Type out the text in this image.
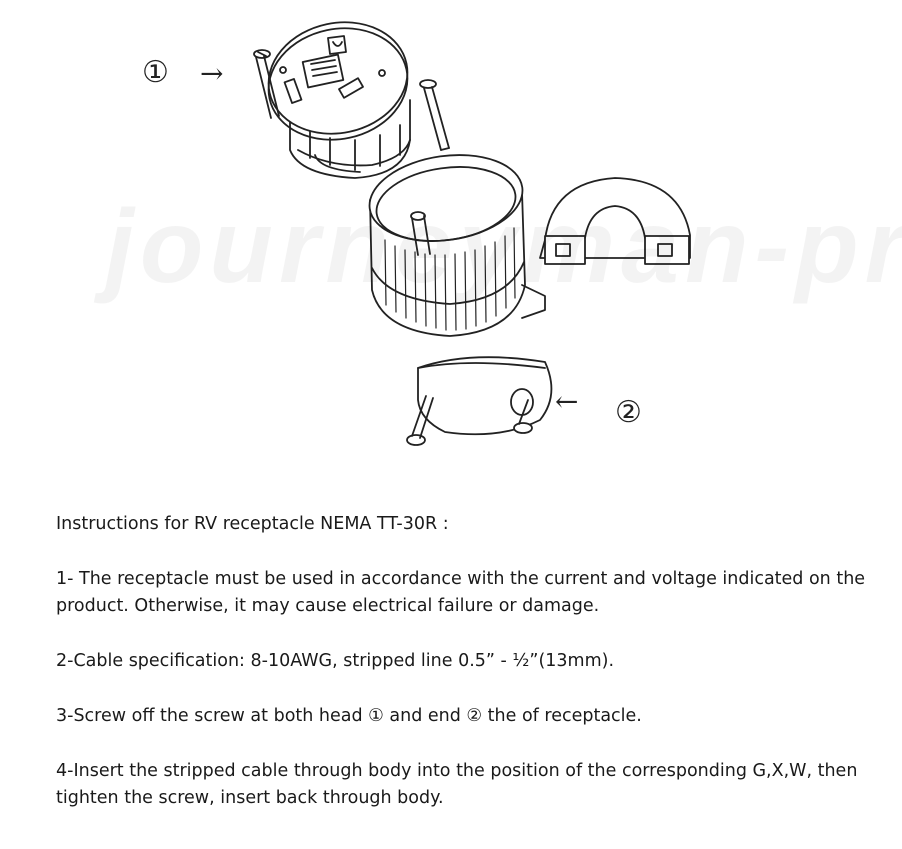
① →
← ②

Instructions for RV receptacle NEMA TT-30R :

1- The receptacle must be used in accordance with the current and voltage indicated on the product. Otherwise, it may cause electrical failure or damage.

2-Cable specification: 8-10AWG, stripped line 0.5” - ½”(13mm).

3-Screw off the screw at both head ① and end ② the of receptacle.

4-Insert the stripped cable through body into the position of the corresponding G,X,W, then tighten the screw, insert back through body.
